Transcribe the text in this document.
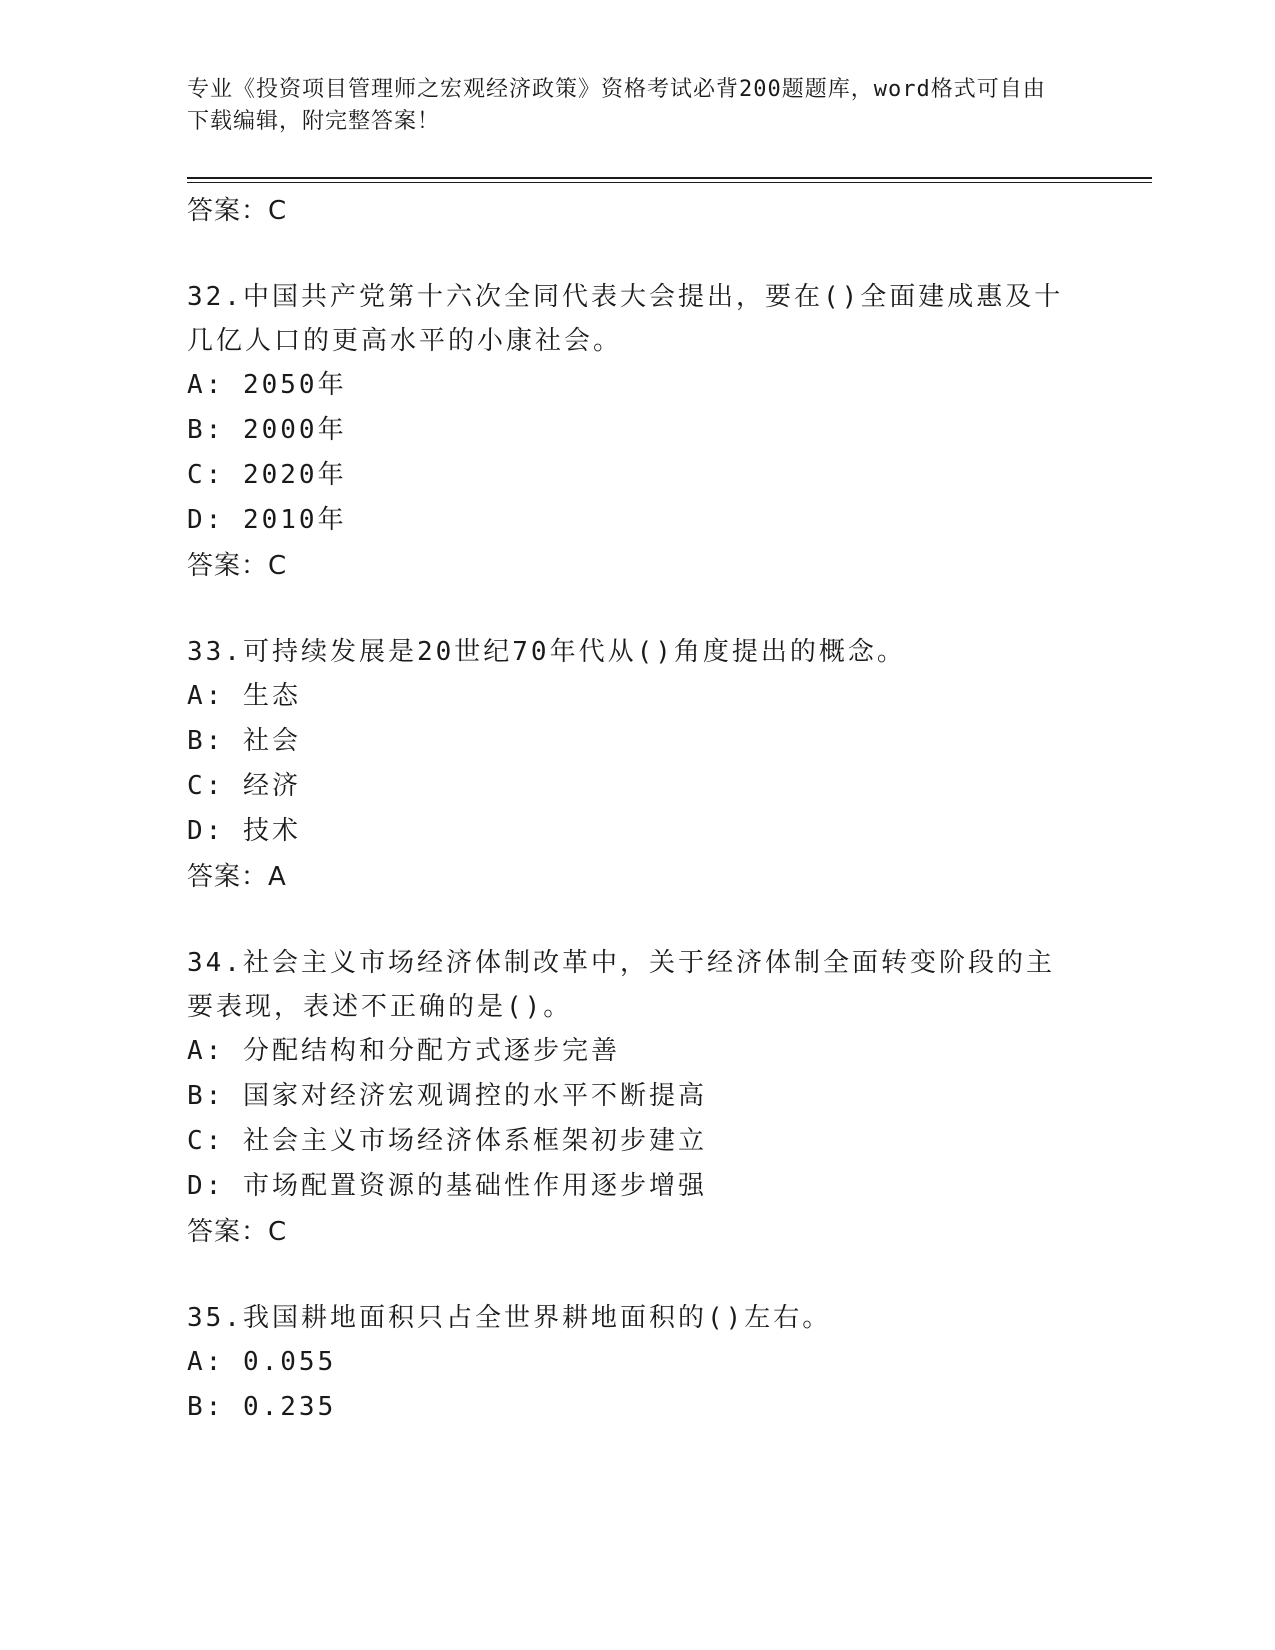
专业《投资项目管理师之宏观经济政策》资格考试必背200题题库，word格式可自由下载编辑，附完整答案！
答案：C
32.中国共产党第十六次全同代表大会提出，要在()全面建成惠及十几亿人口的更高水平的小康社会。
A: 2050年
B: 2000年
C: 2020年
D: 2010年
答案：C
33.可持续发展是20世纪70年代从()角度提出的概念。
A: 生态
B: 社会
C: 经济
D: 技术
答案：A
34.社会主义市场经济体制改革中，关于经济体制全面转变阶段的主要表现，表述不正确的是()。
A: 分配结构和分配方式逐步完善
B: 国家对经济宏观调控的水平不断提高
C: 社会主义市场经济体系框架初步建立
D: 市场配置资源的基础性作用逐步增强
答案：C
35.我国耕地面积只占全世界耕地面积的()左右。
A: 0.055
B: 0.235
